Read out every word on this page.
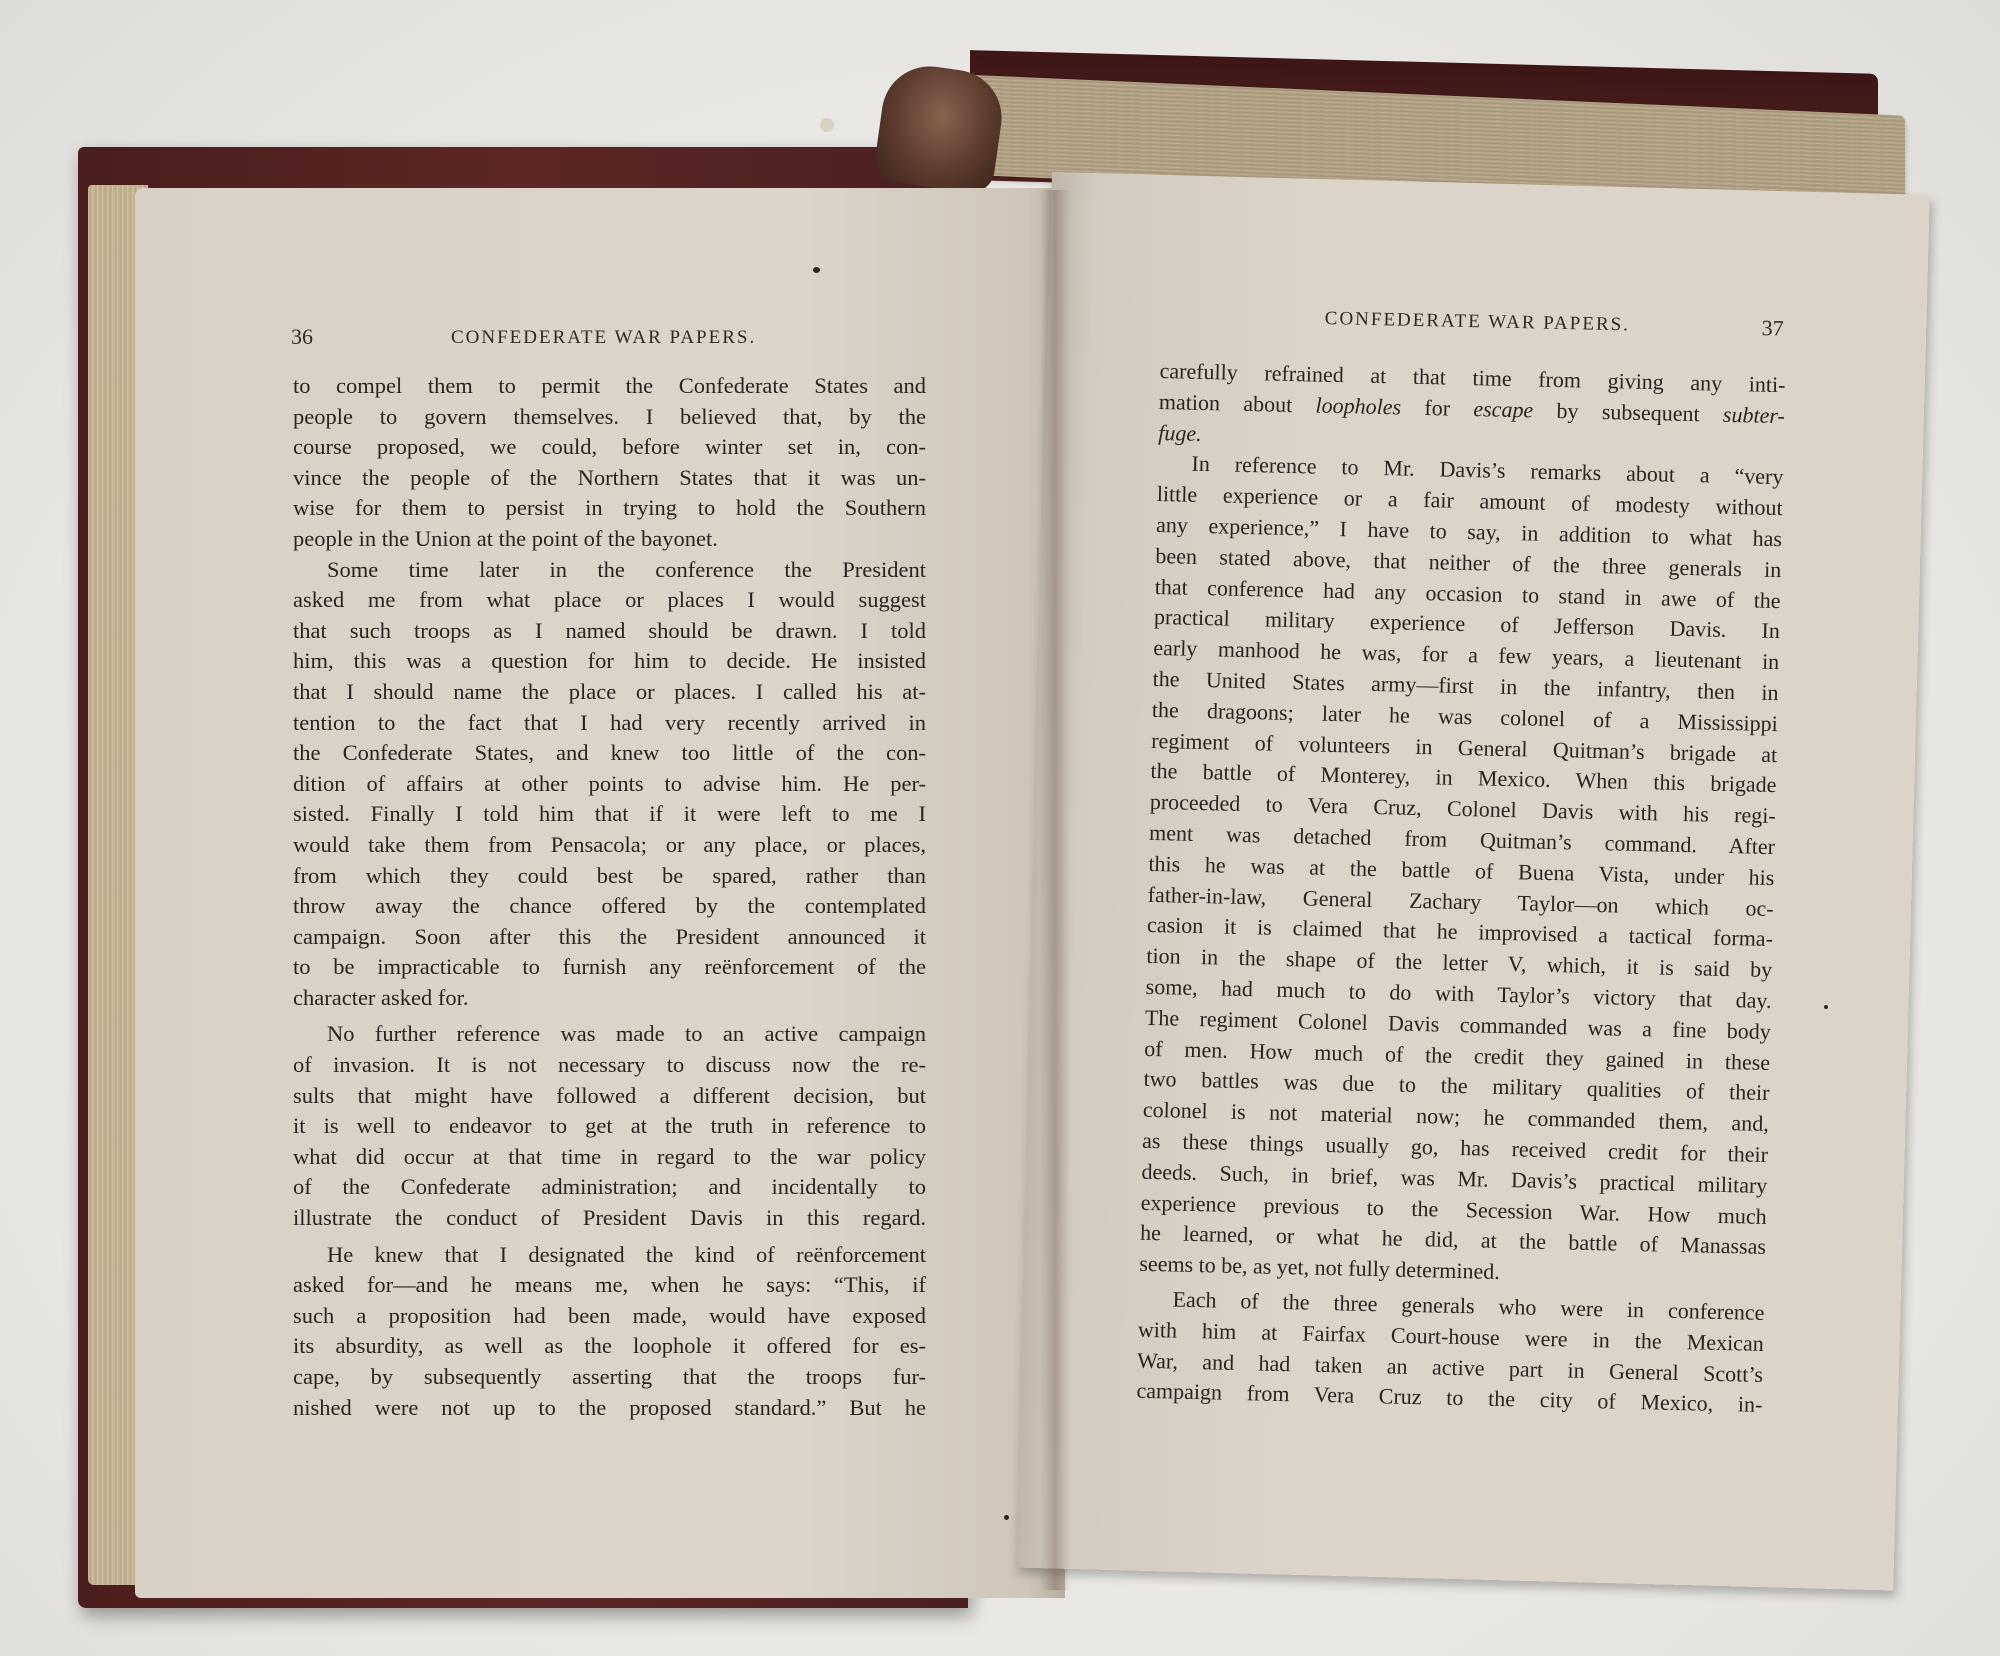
36	CONFEDERATE WAR PAPERS.
to compel them to permit the Confederate States and
people to govern themselves. I believed that, by the
course proposed, we could, before winter set in, con-
vince the people of the Northern States that it was un-
wise for them to persist in trying to hold the Southern
people in the Union at the point of the bayonet.
Some time later in the conference the President
asked me from what place or places I would suggest
that such troops as I named should be drawn. I told
him, this was a question for him to decide. He insisted
that I should name the place or places. I called his at-
tention to the fact that I had very recently arrived in
the Confederate States, and knew too little of the con-
dition of affairs at other points to advise him. He per-
sisted. Finally I told him that if it were left to me I
would take them from Pensacola; or any place, or places,
from which they could best be spared, rather than
throw away the chance offered by the contemplated
campaign. Soon after this the President announced it
to be impracticable to furnish any reënforcement of the
character asked for.
No further reference was made to an active campaign
of invasion. It is not necessary to discuss now the re-
sults that might have followed a different decision, but
it is well to endeavor to get at the truth in reference to
what did occur at that time in regard to the war policy
of the Confederate administration; and incidentally to
illustrate the conduct of President Davis in this regard.
He knew that I designated the kind of reënforcement
asked for—and he means me, when he says: “This, if
such a proposition had been made, would have exposed
its absurdity, as well as the loophole it offered for es-
cape, by subsequently asserting that the troops fur-
nished were not up to the proposed standard.” But he
CONFEDERATE WAR PAPERS.	37
carefully refrained at that time from giving any inti-
mation about loopholes for escape by subsequent subter-
fuge.
In reference to Mr. Davis’s remarks about a “very
little experience or a fair amount of modesty without
any experience,” I have to say, in addition to what has
been stated above, that neither of the three generals in
that conference had any occasion to stand in awe of the
practical military experience of Jefferson Davis. In
early manhood he was, for a few years, a lieutenant in
the United States army—first in the infantry, then in
the dragoons; later he was colonel of a Mississippi
regiment of volunteers in General Quitman’s brigade at
the battle of Monterey, in Mexico. When this brigade
proceeded to Vera Cruz, Colonel Davis with his regi-
ment was detached from Quitman’s command. After
this he was at the battle of Buena Vista, under his
father-in-law, General Zachary Taylor—on which oc-
casion it is claimed that he improvised a tactical forma-
tion in the shape of the letter V, which, it is said by
some, had much to do with Taylor’s victory that day.
The regiment Colonel Davis commanded was a fine body
of men. How much of the credit they gained in these
two battles was due to the military qualities of their
colonel is not material now; he commanded them, and,
as these things usually go, has received credit for their
deeds. Such, in brief, was Mr. Davis’s practical military
experience previous to the Secession War. How much
he learned, or what he did, at the battle of Manassas
seems to be, as yet, not fully determined.
Each of the three generals who were in conference
with him at Fairfax Court-house were in the Mexican
War, and had taken an active part in General Scott’s
campaign from Vera Cruz to the city of Mexico, in-
